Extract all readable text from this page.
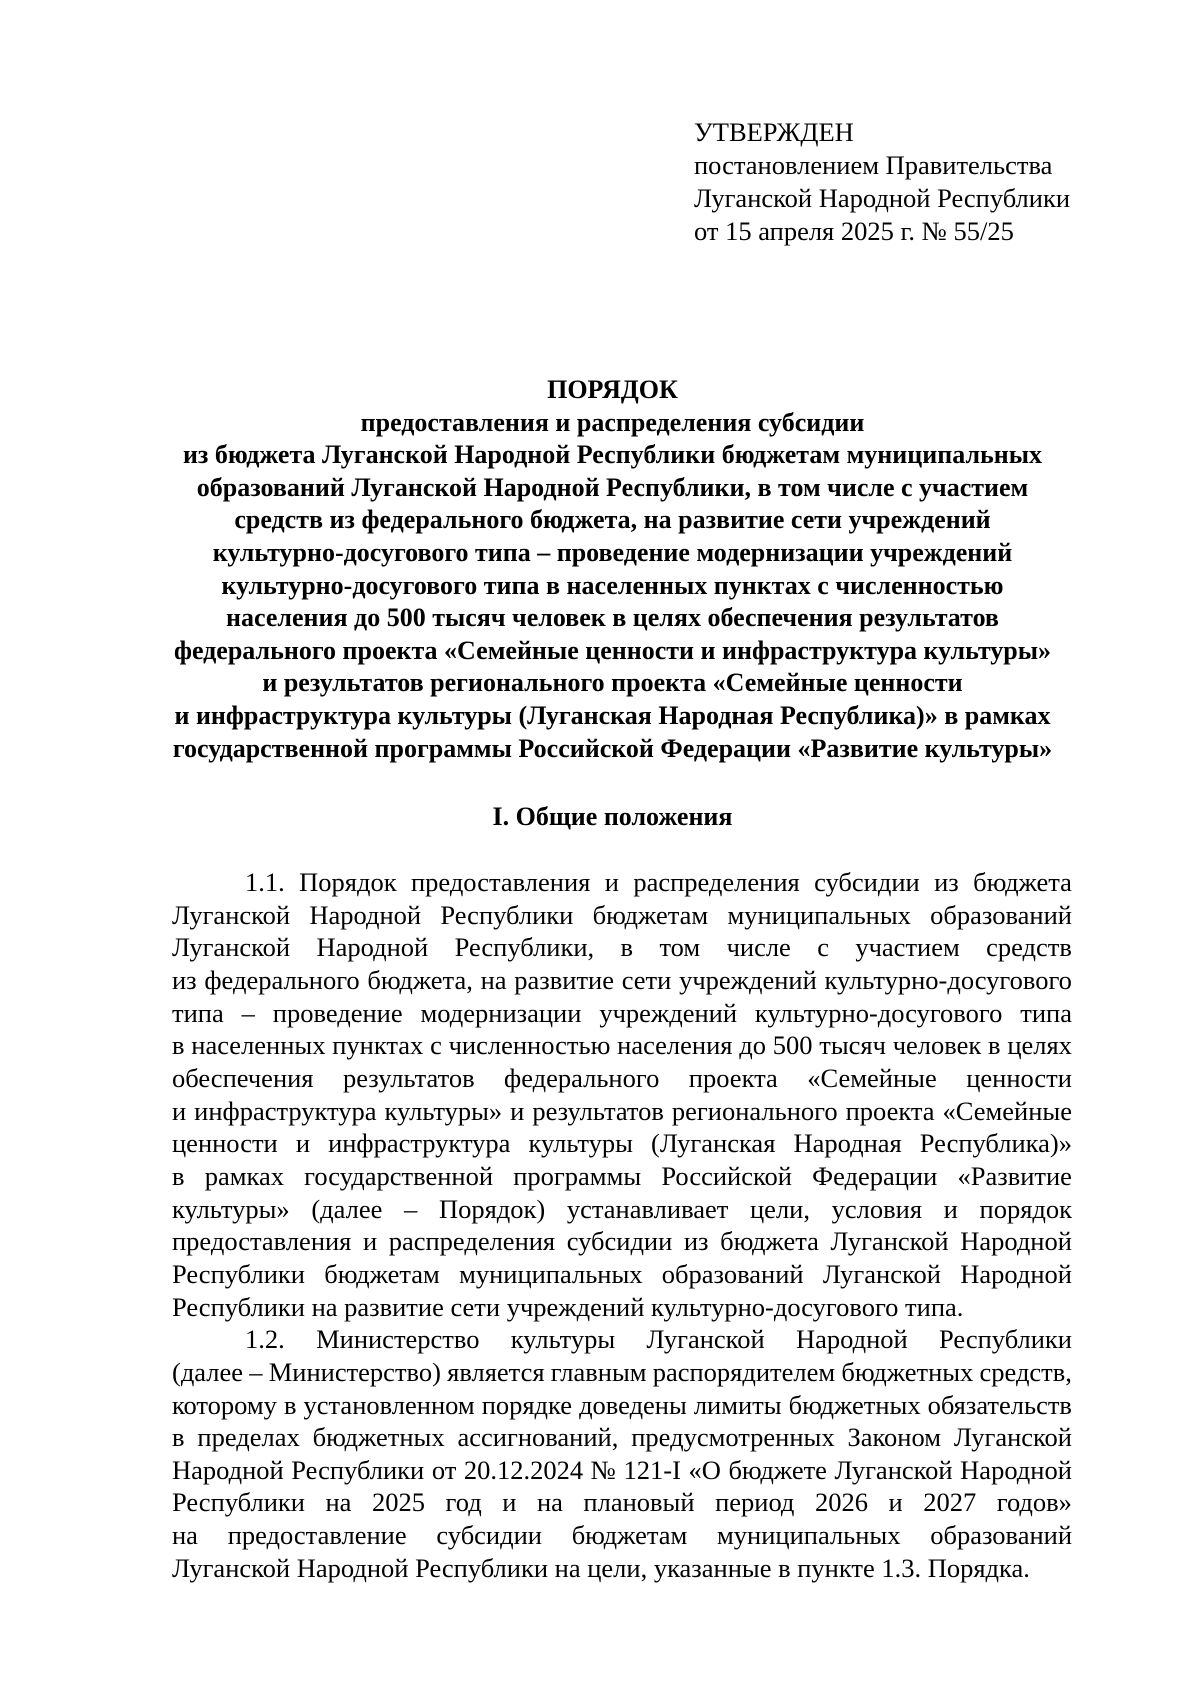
УТВЕРЖДЕН
постановлением Правительства
Луганской Народной Республики
от 15 апреля 2025 г. № 55/25
ПОРЯДОК
предоставления и распределения субсидии
из бюджета Луганской Народной Республики бюджетам муниципальных
образований Луганской Народной Республики, в том числе с участием
средств из федерального бюджета, на развитие сети учреждений
культурно-досугового типа – проведение модернизации учреждений
культурно-досугового типа в населенных пунктах с численностью
населения до 500 тысяч человек в целях обеспечения результатов
федерального проекта «Семейные ценности и инфраструктура культуры»
и результатов регионального проекта «Семейные ценности
и инфраструктура культуры (Луганская Народная Республика)» в рамках
государственной программы Российской Федерации «Развитие культуры»
I. Общие положения
1.1. Порядок предоставления и распределения субсидии из бюджета
Луганской Народной Республики бюджетам муниципальных образований
Луганской Народной Республики, в том числе с участием средств
из федерального бюджета, на развитие сети учреждений культурно-досугового
типа – проведение модернизации учреждений культурно-досугового типа
в населенных пунктах с численностью населения до 500 тысяч человек в целях
обеспечения результатов федерального проекта «Семейные ценности
и инфраструктура культуры» и результатов регионального проекта «Семейные
ценности и инфраструктура культуры (Луганская Народная Республика)»
в рамках государственной программы Российской Федерации «Развитие
культуры» (далее – Порядок) устанавливает цели, условия и порядок
предоставления и распределения субсидии из бюджета Луганской Народной
Республики бюджетам муниципальных образований Луганской Народной
Республики на развитие сети учреждений культурно-досугового типа.
1.2. Министерство культуры Луганской Народной Республики
(далее – Министерство) является главным распорядителем бюджетных средств,
которому в установленном порядке доведены лимиты бюджетных обязательств
в пределах бюджетных ассигнований, предусмотренных Законом Луганской
Народной Республики от 20.12.2024 № 121-I «О бюджете Луганской Народной
Республики на 2025 год и на плановый период 2026 и 2027 годов»
на предоставление субсидии бюджетам муниципальных образований
Луганской Народной Республики на цели, указанные в пункте 1.3. Порядка.
